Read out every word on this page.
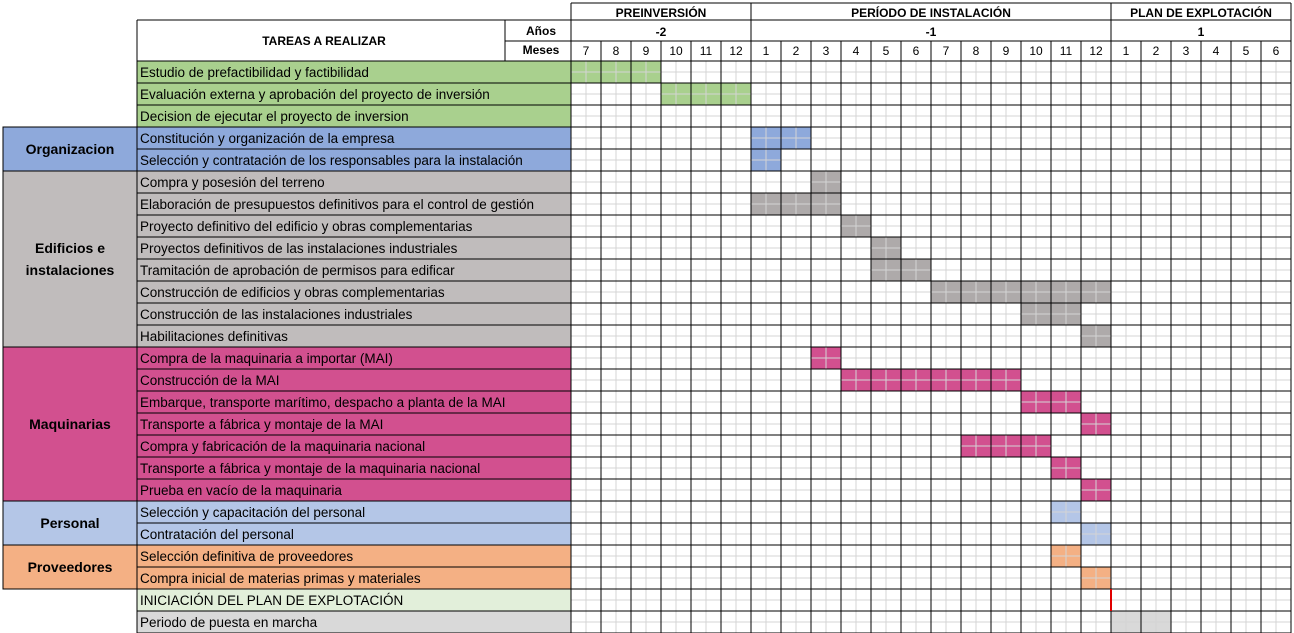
Organizacion
Edificios e
instalaciones
Maquinarias
Personal
Proveedores
Estudio de prefactibilidad y factibilidad
Evaluación externa y aprobación del proyecto de inversión
Decision de ejecutar el proyecto de inversion
Constitución y organización de la empresa
Selección y contratación de los responsables para la instalación
Compra y posesión del terreno
Elaboración de presupuestos definitivos para el control de gestión
Proyecto definitivo del edificio y obras complementarias
Proyectos definitivos de las instalaciones industriales
Tramitación de aprobación de permisos para edificar
Construcción de edificios y obras complementarias
Construcción de las instalaciones industriales
Habilitaciones definitivas
Compra de la maquinaria a importar (MAI)
Construcción de la MAI
Embarque, transporte marítimo, despacho a planta de la MAI
Transporte a fábrica y montaje de la MAI
Compra y fabricación de la maquinaria nacional
Transporte a fábrica y montaje de la maquinaria nacional
Prueba en vacío de la maquinaria
Selección y capacitación del personal
Contratación del personal
Selección definitiva de proveedores
Compra inicial de materias primas y materiales
INICIACIÓN DEL PLAN DE EXPLOTACIÓN
Periodo de puesta en marcha
TAREAS A REALIZAR
Años
Meses
PREINVERSIÓN
-2
7 8 9 10 11 12
PERÍODO DE INSTALACIÓN
-1
1 2 3 4 5 6 7 8 9 10 11 12
PLAN DE EXPLOTACIÓN
1
1 2 3 4 5 6
